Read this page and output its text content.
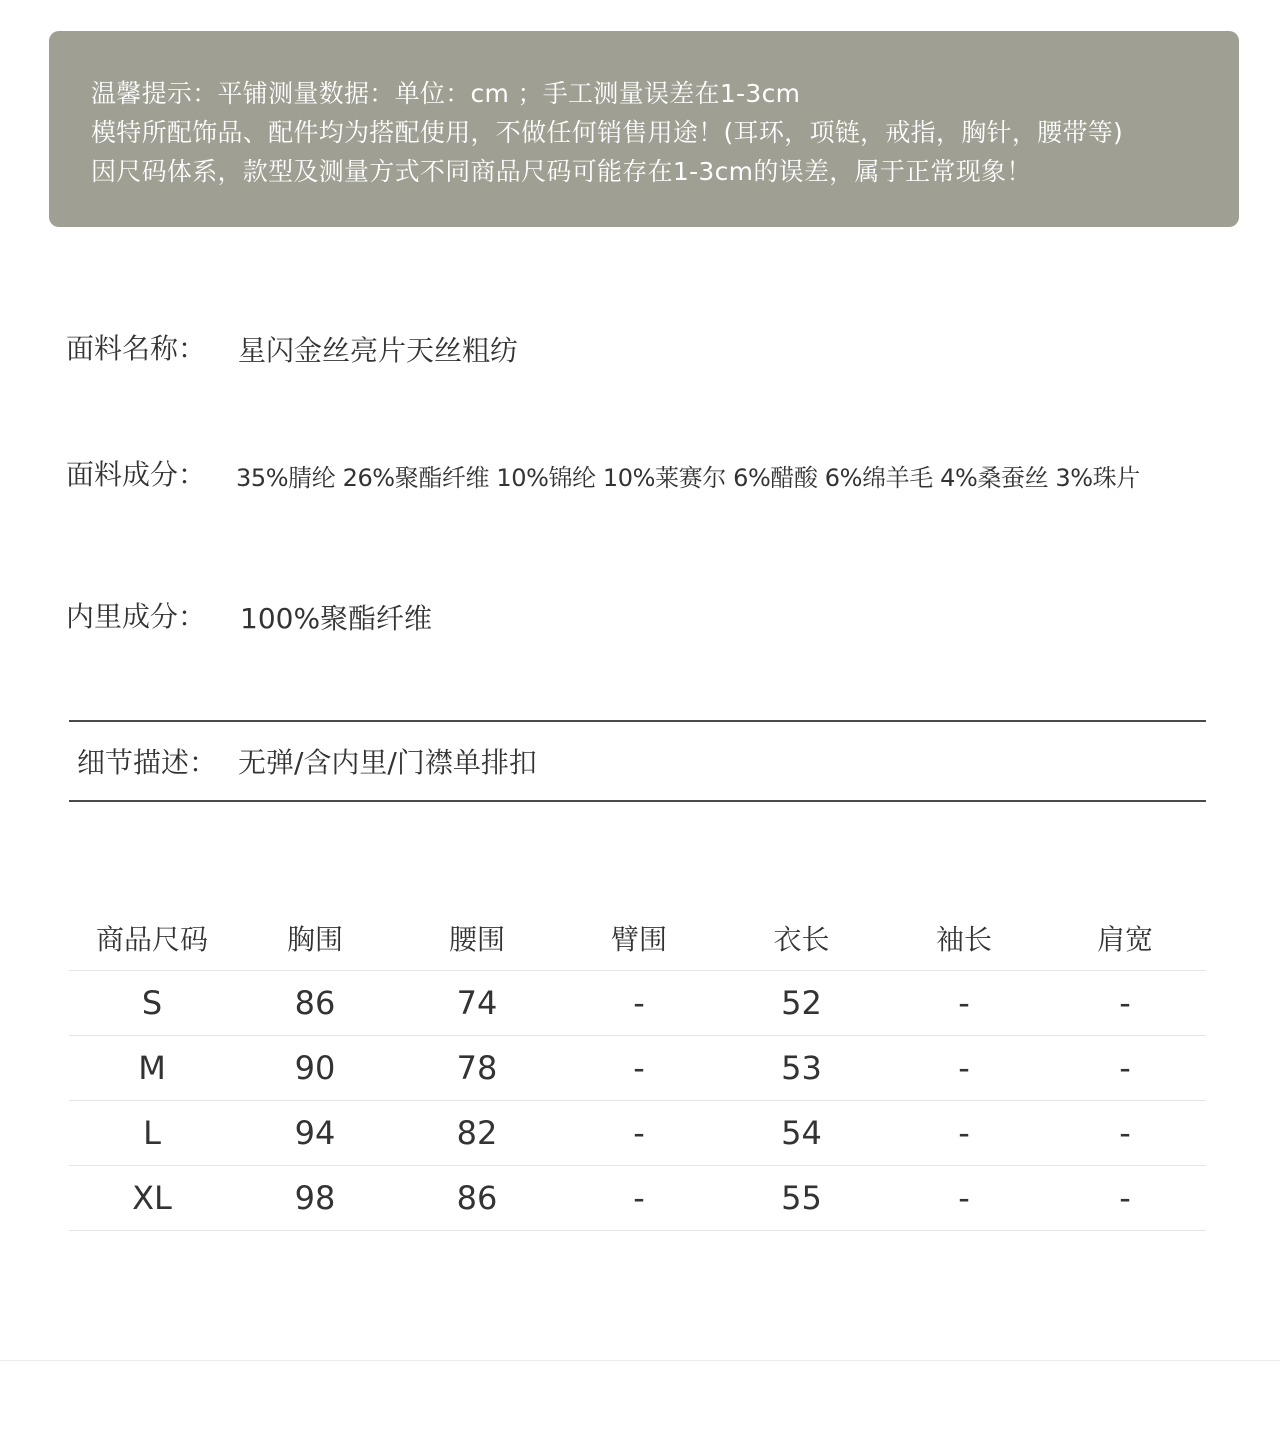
温馨提示：平铺测量数据：单位：cm ；手工测量误差在1-3cm
模特所配饰品、配件均为搭配使用，不做任何销售用途！(耳环，项链，戒指，胸针，腰带等)
因尺码体系，款型及测量方式不同商品尺码可能存在1-3cm的误差，属于正常现象！
面料名称： 星闪金丝亮片天丝粗纺
面料成分： 35%腈纶 26%聚酯纤维 10%锦纶 10%莱赛尔 6%醋酸 6%绵羊毛 4%桑蚕丝 3%珠片
内里成分： 100%聚酯纤维
细节描述： 无弹/含内里/门襟单排扣
商品尺码	胸围	腰围	臂围	衣长	袖长	肩宽
S	86	74	-	52	-	-
M	90	78	-	53	-	-
L	94	82	-	54	-	-
XL	98	86	-	55	-	-
